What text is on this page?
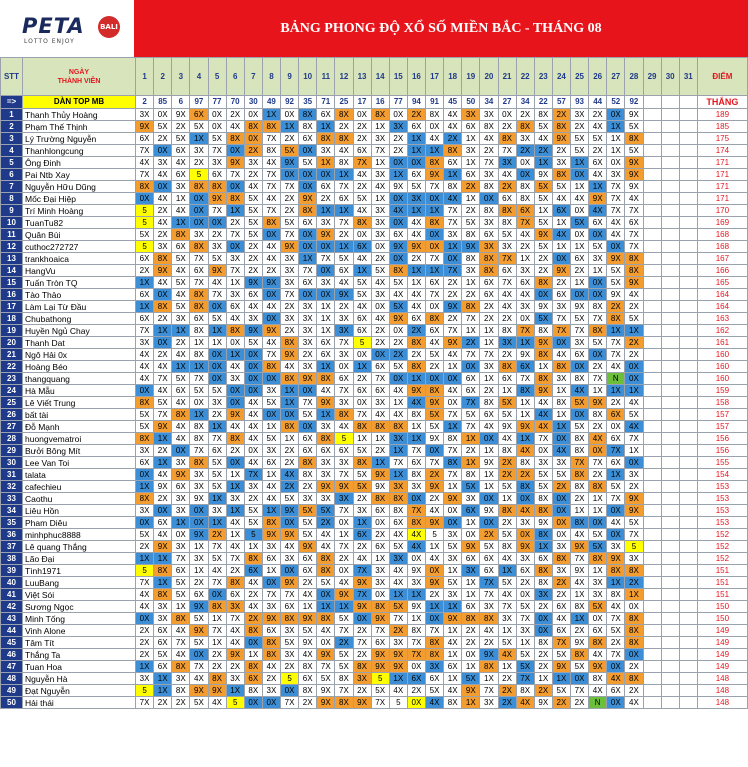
PETA BALI
LOTTO ENJOY
BẢNG PHONG ĐỘ XỔ SỐ MIỀN BẮC - THÁNG 08
STT	NGÀY
THÀNH VIÊN	1	2	3	4	5	6	7	8	9	10	11	12	13	14	15	16	17	18	19	20	21	22	23	24	25	26	27	28	29	30	31	ĐIỂM
=>	DÀN TOP MB	2	85	6	97	77	70	30	49	92	35	71	25	17	16	77	94	91	45	50	34	27	34	22	57	93	44	52	92				THẮNG
1	Thanh Thủy Hoàng	3X	0X	9X	6X	0X	2X	0X	1X	0X	8X	6X	8X	0X	8X	0X	2X	8X	4X	3X	3X	0X	2X	8X	2X	3X	2X	0X	9X				189
2	Phạm Thế Thịnh	9X	5X	2X	5X	0X	4X	8X	8X	1X	8X	1X	2X	2X	1X	3X	6X	0X	4X	6X	8X	2X	8X	5X	8X	2X	4X	1X	5X				185
3	Lý Trường Nguyễn	6X	2X	5X	1X	5X	8X	0X	7X	2X	6X	8X	8X	2X	3X	2X	1X	4X	2X	1X	4X	8X	3X	4X	9X	5X	5X	1X	8X				175
4	Thanhlongcung	7X	0X	6X	3X	7X	0X	2X	8X	5X	0X	3X	4X	6X	7X	2X	1X	1X	8X	3X	2X	7X	2X	2X	2X	5X	2X	1X	5X				174
5	Ông Đinh	4X	3X	4X	2X	3X	9X	3X	4X	9X	5X	1X	8X	7X	1X	0X	0X	8X	6X	1X	7X	3X	0X	1X	3X	1X	6X	0X	9X				171
6	Pai Ntb Xay	7X	4X	6X	5	6X	7X	2X	7X	0X	0X	0X	1X	4X	3X	1X	6X	9X	1X	6X	3X	4X	0X	9X	8X	0X	4X	3X	9X				171
7	Nguyễn Hữu Dũng	8X	0X	3X	8X	8X	0X	4X	7X	7X	0X	6X	7X	2X	4X	9X	5X	7X	8X	2X	8X	2X	8X	5X	5X	1X	1X	7X	9X				171
8	Mốc Đại Hiệp	0X	4X	1X	0X	9X	8X	5X	4X	2X	9X	2X	6X	5X	1X	0X	3X	0X	4X	1X	0X	6X	8X	5X	4X	4X	9X	7X	4X				171
9	Trí Minh Hoàng	5	2X	4X	0X	7X	1X	5X	7X	2X	8X	1X	1X	4X	3X	4X	1X	1X	7X	2X	8X	8X	6X	1X	6X	0X	4X	7X	7X				170
10	TuanTu82	5	4X	1X	0X	0X	2X	5X	8X	5X	6X	3X	7X	8X	3X	0X	4X	8X	7X	5X	3X	8X	7X	5X	1X	5X	6X	4X	6X				169
11	Quân Bùi	5X	2X	8X	3X	2X	7X	5X	0X	7X	0X	9X	2X	0X	3X	6X	4X	0X	3X	8X	6X	5X	4X	9X	4X	0X	0X	4X	7X				168
12	cuthoc272727	5	3X	6X	8X	3X	0X	2X	4X	9X	0X	0X	1X	6X	0X	9X	9X	0X	1X	9X	3X	3X	2X	5X	1X	1X	5X	0X	7X				168
13	trankhoaica	6X	8X	5X	7X	5X	3X	2X	4X	3X	1X	7X	5X	4X	2X	0X	2X	7X	0X	8X	8X	7X	1X	2X	0X	6X	3X	9X	8X				167
14	HangVu	2X	9X	4X	6X	9X	7X	2X	2X	3X	7X	0X	6X	1X	5X	8X	1X	1X	7X	3X	8X	6X	3X	2X	9X	2X	1X	5X	8X				166
15	Tuấn Tròn TQ	1X	4X	5X	7X	4X	1X	9X	9X	3X	6X	3X	4X	5X	4X	5X	1X	6X	2X	1X	6X	7X	6X	8X	2X	1X	0X	5X	9X				165
16	Tào Thảo	6X	0X	4X	8X	7X	3X	6X	0X	7X	0X	0X	9X	5X	3X	4X	4X	7X	2X	2X	6X	4X	4X	0X	6X	0X	0X	9X	4X				164
17	Làm Lại Từ Đầu	1X	8X	5X	8X	0X	6X	4X	4X	2X	3X	1X	2X	4X	0X	5X	4X	0X	9X	8X	2X	4X	3X	9X	3X	9X	8X	2X	2X				164
18	Chubathong	6X	2X	3X	6X	5X	4X	3X	0X	3X	3X	1X	3X	6X	4X	9X	6X	8X	2X	7X	2X	2X	0X	5X	7X	5X	7X	8X	5X				163
19	Huyền Ngủ Chay	7X	1X	1X	8X	1X	8X	9X	9X	2X	3X	1X	3X	6X	2X	0X	2X	6X	7X	1X	1X	8X	7X	8X	7X	7X	8X	1X	1X				162
20	Thanh Dat	3X	0X	2X	1X	1X	0X	5X	4X	8X	3X	6X	7X	5	2X	2X	8X	4X	9X	2X	1X	3X	1X	9X	0X	3X	5X	7X	2X				161
21	Ngô Hải 0x	4X	2X	4X	8X	0X	1X	0X	7X	9X	2X	6X	3X	0X	0X	2X	2X	5X	4X	7X	7X	2X	9X	8X	4X	6X	0X	7X	2X				160
22	Hoàng Béo	4X	4X	1X	1X	0X	4X	0X	8X	4X	3X	1X	0X	1X	6X	5X	8X	2X	1X	0X	3X	8X	6X	1X	8X	0X	2X	4X	0X				160
23	thangquang	4X	7X	5X	7X	0X	3X	0X	0X	8X	9X	8X	6X	2X	7X	0X	1X	0X	0X	6X	1X	6X	7X	8X	3X	8X	7X	N	0X				160
24	Hà Mẫu	0X	4X	6X	5X	5X	0X	0X	3X	1X	0X	4X	7X	6X	6X	4X	9X	8X	4X	6X	2X	1X	8X	9X	1X	4X	1X	1X	1X				159
25	Lê Viết Trung	8X	5X	4X	0X	3X	0X	4X	5X	1X	7X	9X	3X	0X	3X	1X	4X	9X	0X	7X	8X	5X	1X	4X	8X	5X	9X	2X	4X				158
26	bất tài	5X	7X	8X	1X	2X	9X	4X	0X	0X	5X	1X	8X	7X	4X	4X	8X	5X	7X	5X	6X	5X	1X	4X	1X	0X	8X	6X	5X				157
27	Đỗ Mạnh	5X	9X	4X	8X	1X	4X	4X	1X	8X	0X	3X	4X	8X	8X	8X	1X	5X	1X	7X	4X	9X	9X	4X	1X	5X	2X	0X	4X				157
28	huongvematroi	8X	1X	4X	8X	7X	8X	4X	5X	1X	6X	8X	5	1X	1X	3X	1X	9X	8X	1X	0X	4X	1X	7X	0X	8X	4X	6X	7X				156
29	Bưởi Bông Mít	3X	2X	0X	7X	6X	2X	0X	3X	2X	6X	6X	6X	5X	2X	1X	7X	0X	7X	2X	1X	8X	4X	0X	4X	8X	0X	7X	1X				156
30	Lee Van Toi	6X	1X	3X	8X	5X	0X	4X	6X	2X	8X	3X	3X	8X	1X	7X	6X	7X	8X	1X	9X	2X	8X	3X	3X	7X	7X	6X	0X				155
31	talata	0X	4X	9X	3X	5X	1X	7X	1X	4X	8X	3X	7X	5X	9X	1X	8X	2X	7X	8X	1X	2X	2X	5X	5X	8X	2X	1X	3X				154
32	cafechieu	1X	9X	6X	3X	5X	1X	3X	4X	2X	2X	9X	9X	5X	9X	3X	3X	9X	1X	5X	1X	5X	8X	5X	2X	8X	8X	5X	2X				153
33	Caothu	8X	2X	3X	9X	1X	3X	2X	4X	5X	3X	3X	3X	2X	8X	8X	0X	2X	9X	3X	0X	1X	0X	8X	0X	2X	1X	7X	9X				153
34	Liêu Hồn	3X	0X	3X	0X	3X	1X	5X	1X	9X	5X	5X	7X	3X	6X	8X	7X	4X	0X	6X	9X	8X	4X	8X	0X	1X	1X	0X	9X				153
35	Pham Diêu	0X	6X	1X	0X	1X	4X	5X	8X	0X	5X	2X	0X	1X	0X	6X	8X	9X	0X	1X	0X	2X	3X	9X	0X	8X	0X	4X	5X				153
36	minhphuc8888	5X	4X	0X	9X	2X	1X	5	9X	9X	5X	4X	1X	6X	2X	4X	4X	5	3X	0X	2X	5X	0X	8X	0X	4X	5X	0X	7X				152
37	Lê quang Thắng	2X	9X	3X	1X	7X	4X	1X	3X	4X	9X	4X	7X	2X	6X	5X	4X	1X	5X	9X	5X	8X	9X	1X	3X	9X	5X	3X	5				152
38	Lão Đại	1X	1X	7X	3X	5X	7X	8X	6X	3X	6X	8X	2X	4X	1X	3X	0X	4X	3X	6X	6X	4X	3X	6X	8X	7X	8X	9X	3X				152
39	Tình1971	5	8X	6X	1X	4X	2X	6X	1X	0X	6X	8X	0X	7X	3X	4X	9X	0X	1X	3X	6X	1X	6X	8X	3X	9X	1X	8X	8X				151
40	LuuBang	7X	1X	5X	2X	7X	8X	4X	0X	9X	2X	5X	4X	9X	3X	4X	3X	9X	5X	1X	7X	5X	2X	8X	2X	4X	3X	1X	2X				151
41	Việt Sói	4X	8X	5X	6X	0X	6X	2X	7X	7X	4X	0X	9X	7X	0X	1X	1X	2X	3X	1X	7X	4X	0X	3X	2X	1X	3X	8X	1X				151
42	Sương Ngọc	4X	3X	1X	9X	8X	3X	4X	3X	6X	1X	1X	1X	9X	8X	5X	9X	1X	1X	6X	3X	7X	5X	2X	6X	8X	5X	4X	0X				150
43	Minh Tống	0X	3X	8X	5X	1X	7X	2X	9X	8X	9X	8X	5X	0X	9X	7X	1X	0X	9X	8X	8X	3X	7X	0X	4X	1X	0X	7X	8X				150
44	Vinh Alone	2X	6X	4X	9X	7X	4X	8X	6X	3X	5X	4X	7X	2X	7X	2X	8X	7X	1X	2X	4X	1X	3X	0X	6X	2X	6X	5X	8X				149
45	Tâm Tít	2X	6X	7X	5X	1X	4X	0X	8X	5X	9X	0X	2X	7X	6X	3X	7X	8X	4X	2X	2X	5X	1X	8X	7X	9X	8X	2X	8X				149
46	Thắng Ta	2X	5X	4X	0X	2X	9X	1X	8X	3X	4X	9X	5X	2X	9X	9X	7X	8X	1X	0X	9X	4X	5X	2X	5X	8X	4X	7X	0X				149
47	Tuan Hoa	1X	6X	8X	7X	2X	2X	8X	4X	2X	8X	7X	5X	8X	9X	9X	0X	3X	6X	1X	8X	1X	5X	2X	9X	5X	9X	0X	2X				149
48	Nguyễn Hà	3X	1X	3X	4X	8X	3X	6X	2X	5	6X	5X	8X	3X	5	1X	6X	6X	1X	5X	1X	2X	7X	1X	1X	0X	8X	4X	8X				148
49	Đạt Nguyễn	5	1X	8X	9X	9X	1X	8X	3X	0X	8X	9X	7X	2X	5X	4X	2X	5X	4X	9X	7X	2X	8X	2X	5X	7X	4X	6X	2X				148
50	Hải thái	7X	2X	2X	5X	4X	5	0X	0X	7X	2X	9X	8X	9X	7X	5	0X	4X	8X	1X	3X	2X	4X	9X	2X	2X	N	0X	4X				148
